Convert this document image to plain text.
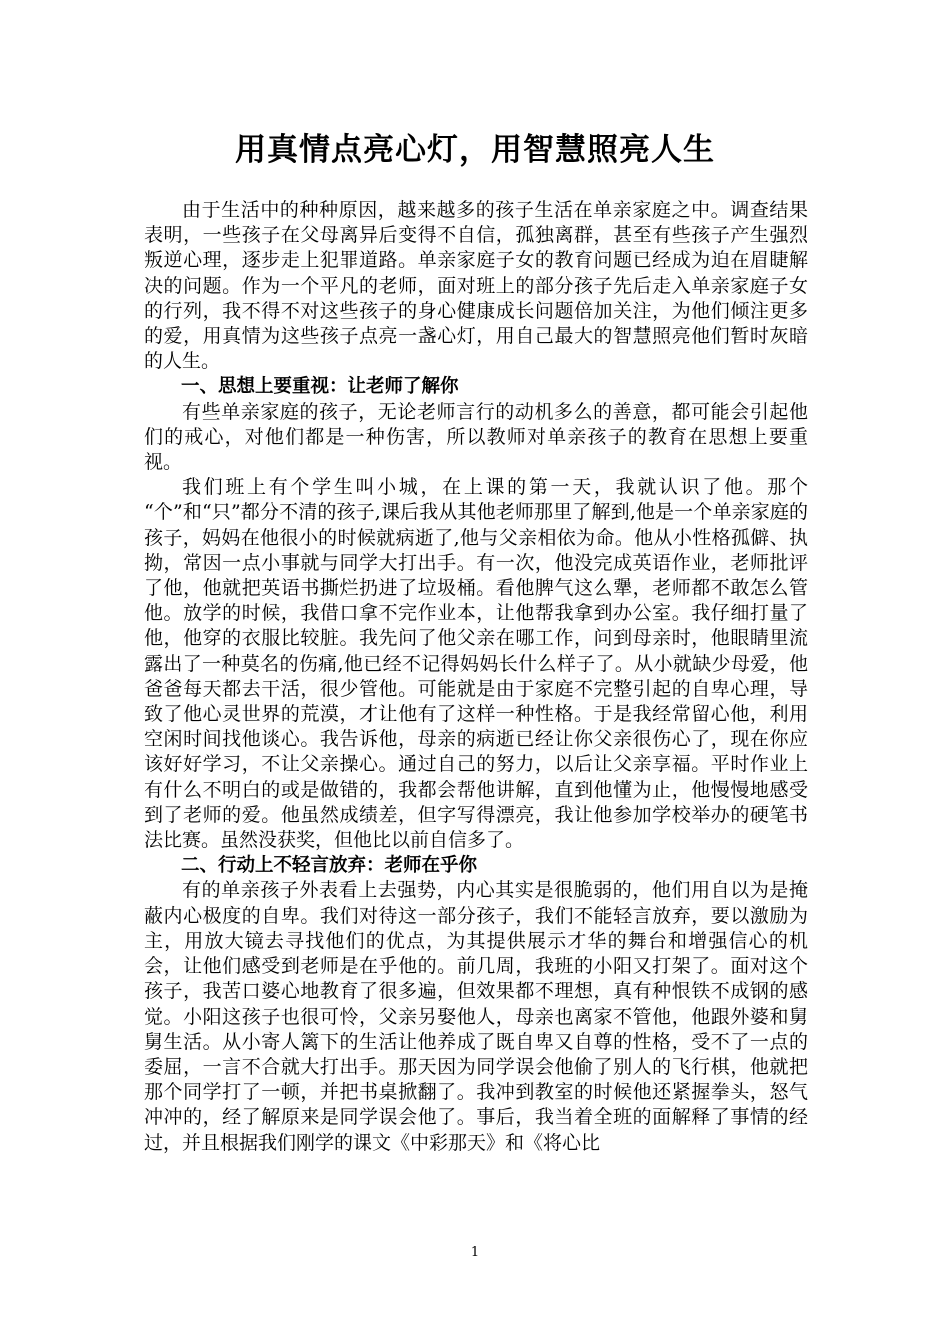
用真情点亮心灯，用智慧照亮人生

由于生活中的种种原因，越来越多的孩子生活在单亲家庭之中。调查结果表明，一些孩子在父母离异后变得不自信，孤独离群，甚至有些孩子产生强烈叛逆心理，逐步走上犯罪道路。单亲家庭子女的教育问题已经成为迫在眉睫解决的问题。作为一个平凡的老师，面对班上的部分孩子先后走入单亲家庭子女的行列，我不得不对这些孩子的身心健康成长问题倍加关注，为他们倾注更多的爱，用真情为这些孩子点亮一盏心灯，用自己最大的智慧照亮他们暂时灰暗的人生。

一、思想上要重视：让老师了解你

有些单亲家庭的孩子，无论老师言行的动机多么的善意，都可能会引起他们的戒心，对他们都是一种伤害，所以教师对单亲孩子的教育在思想上要重视。

我们班上有个学生叫小城，在上课的第一天，我就认识了他。那个 “个”和“只”都分不清的孩子,课后我从其他老师那里了解到,他是一个单亲家庭的孩子，妈妈在他很小的时候就病逝了,他与父亲相依为命。他从小性格孤僻、执拗，常因一点小事就与同学大打出手。有一次，他没完成英语作业，老师批评了他，他就把英语书撕烂扔进了垃圾桶。看他脾气这么犟，老师都不敢怎么管他。放学的时候，我借口拿不完作业本，让他帮我拿到办公室。我仔细打量了他，他穿的衣服比较脏。我先问了他父亲在哪工作，问到母亲时，他眼睛里流露出了一种莫名的伤痛,他已经不记得妈妈长什么样子了。从小就缺少母爱，他爸爸每天都去干活，很少管他。可能就是由于家庭不完整引起的自卑心理，导致了他心灵世界的荒漠，才让他有了这样一种性格。于是我经常留心他，利用空闲时间找他谈心。我告诉他，母亲的病逝已经让你父亲很伤心了，现在你应该好好学习，不让父亲操心。通过自己的努力，以后让父亲享福。平时作业上有什么不明白的或是做错的，我都会帮他讲解，直到他懂为止，他慢慢地感受到了老师的爱。他虽然成绩差，但字写得漂亮，我让他参加学校举办的硬笔书法比赛。虽然没获奖，但他比以前自信多了。

二、行动上不轻言放弃：老师在乎你

有的单亲孩子外表看上去强势，内心其实是很脆弱的，他们用自以为是掩蔽内心极度的自卑。我们对待这一部分孩子，我们不能轻言放弃，要以激励为主，用放大镜去寻找他们的优点，为其提供展示才华的舞台和增强信心的机会，让他们感受到老师是在乎他的。前几周，我班的小阳又打架了。面对这个孩子，我苦口婆心地教育了很多遍，但效果都不理想，真有种恨铁不成钢的感觉。小阳这孩子也很可怜，父亲另娶他人，母亲也离家不管他，他跟外婆和舅舅生活。从小寄人篱下的生活让他养成了既自卑又自尊的性格，受不了一点的委屈，一言不合就大打出手。那天因为同学误会他偷了别人的飞行棋，他就把那个同学打了一顿，并把书桌掀翻了。我冲到教室的时候他还紧握拳头，怒气冲冲的，经了解原来是同学误会他了。事后，我当着全班的面解释了事情的经过，并且根据我们刚学的课文《中彩那天》和《将心比

1
